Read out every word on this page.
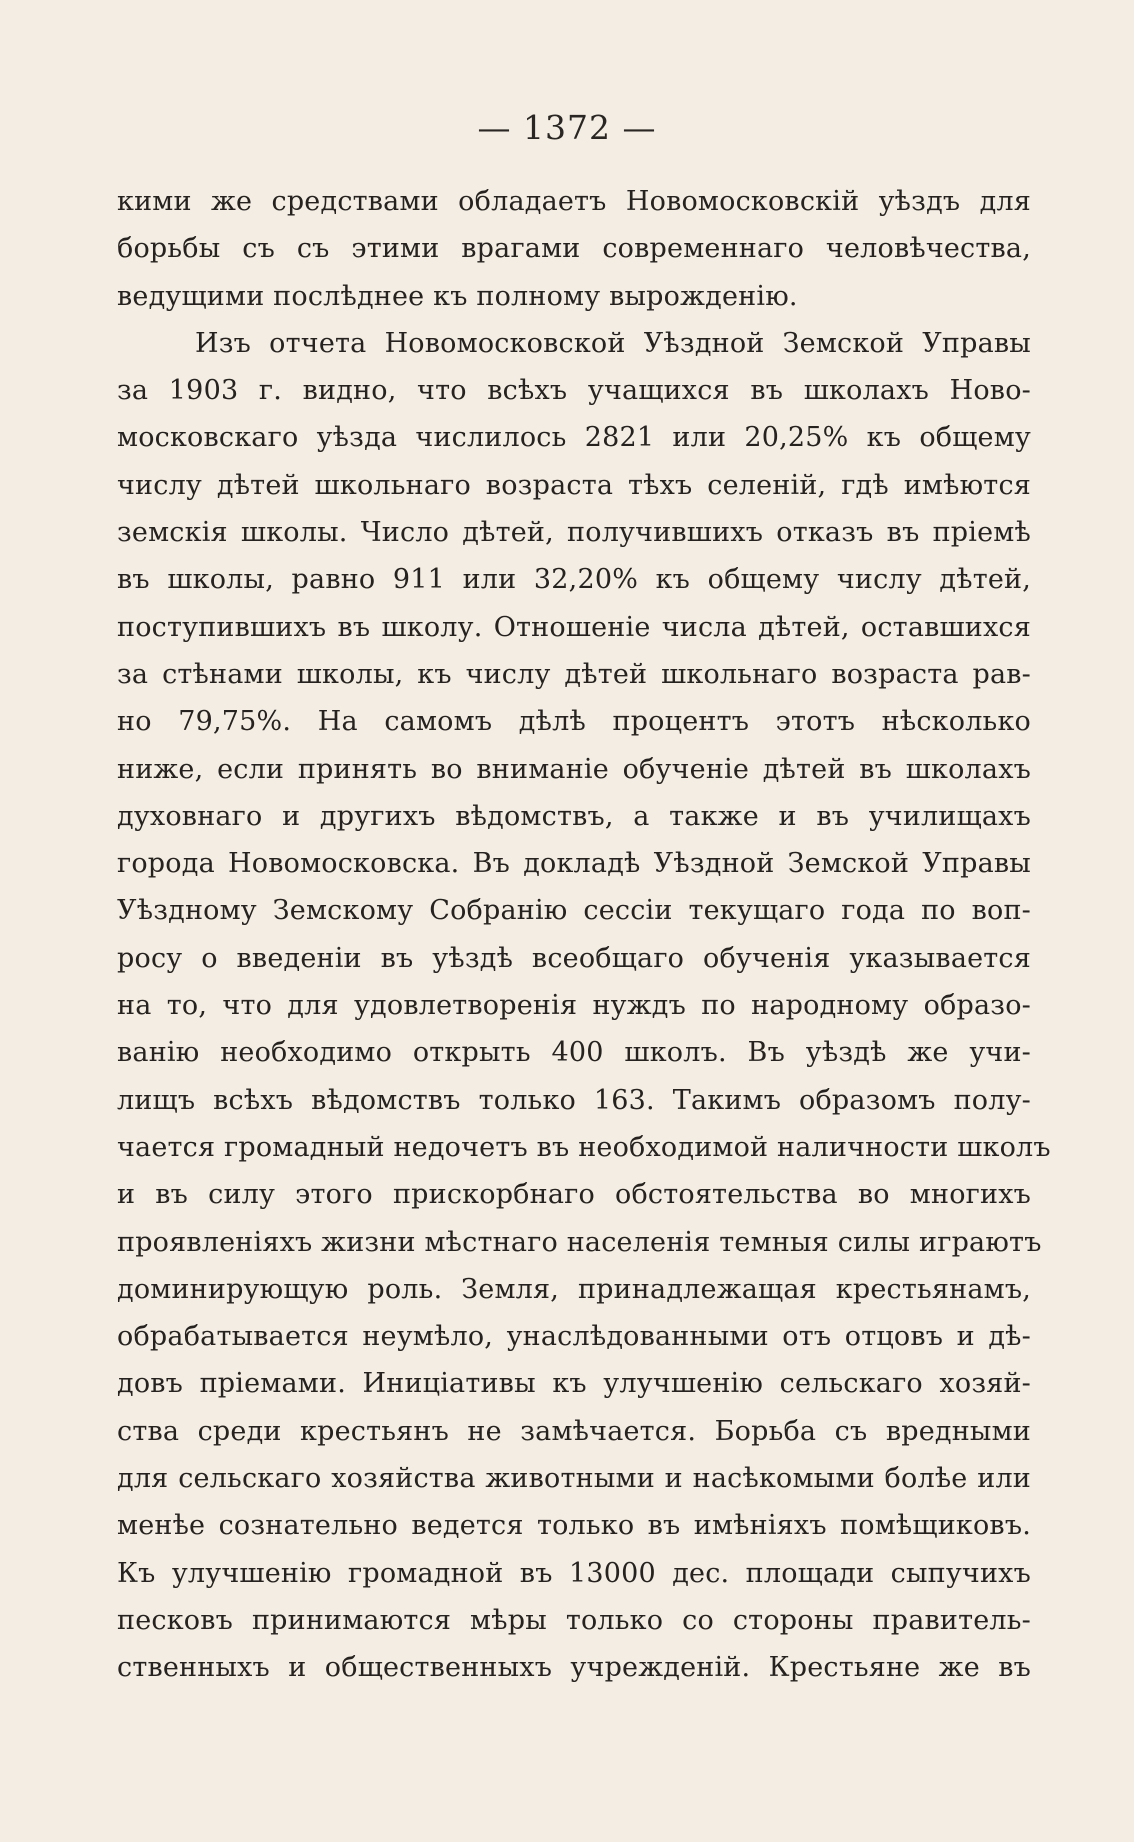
— 1372 —
кими же средствами обладаетъ Новомосковскій уѣздъ для
борьбы съ съ этими врагами современнаго человѣчества,
ведущими послѣднее къ полному вырожденію.
Изъ отчета Новомосковской Уѣздной Земской Управы
за 1903 г. видно, что всѣхъ учащихся въ школахъ Ново-
московскаго уѣзда числилось 2821 или 20,25% къ общему
числу дѣтей школьнаго возраста тѣхъ селеній, гдѣ имѣются
земскія школы. Число дѣтей, получившихъ отказъ въ пріемѣ
въ школы, равно 911 или 32,20% къ общему числу дѣтей,
поступившихъ въ школу. Отношеніе числа дѣтей, оставшихся
за стѣнами школы, къ числу дѣтей школьнаго возраста рав-
но 79,75%. На самомъ дѣлѣ процентъ этотъ нѣсколько
ниже, если принять во вниманіе обученіе дѣтей въ школахъ
духовнаго и другихъ вѣдомствъ, а также и въ училищахъ
города Новомосковска. Въ докладѣ Уѣздной Земской Управы
Уѣздному Земскому Собранію сессіи текущаго года по воп-
росу о введеніи въ уѣздѣ всеобщаго обученія указывается
на то, что для удовлетворенія нуждъ по народному образо-
ванію необходимо открыть 400 школъ. Въ уѣздѣ же учи-
лищъ всѣхъ вѣдомствъ только 163. Такимъ образомъ полу-
чается громадный недочетъ въ необходимой наличности школъ
и въ силу этого прискорбнаго обстоятельства во многихъ
проявленіяхъ жизни мѣстнаго населенія темныя силы играютъ
доминирующую роль. Земля, принадлежащая крестьянамъ,
обрабатывается неумѣло, унаслѣдованными отъ отцовъ и дѣ-
довъ пріемами. Иниціативы къ улучшенію сельскаго хозяй-
ства среди крестьянъ не замѣчается. Борьба съ вредными
для сельскаго хозяйства животными и насѣкомыми болѣе или
менѣе сознательно ведется только въ имѣніяхъ помѣщиковъ.
Къ улучшенію громадной въ 13000 дес. площади сыпучихъ
песковъ принимаются мѣры только со стороны правитель-
ственныхъ и общественныхъ учрежденій. Крестьяне же въ
